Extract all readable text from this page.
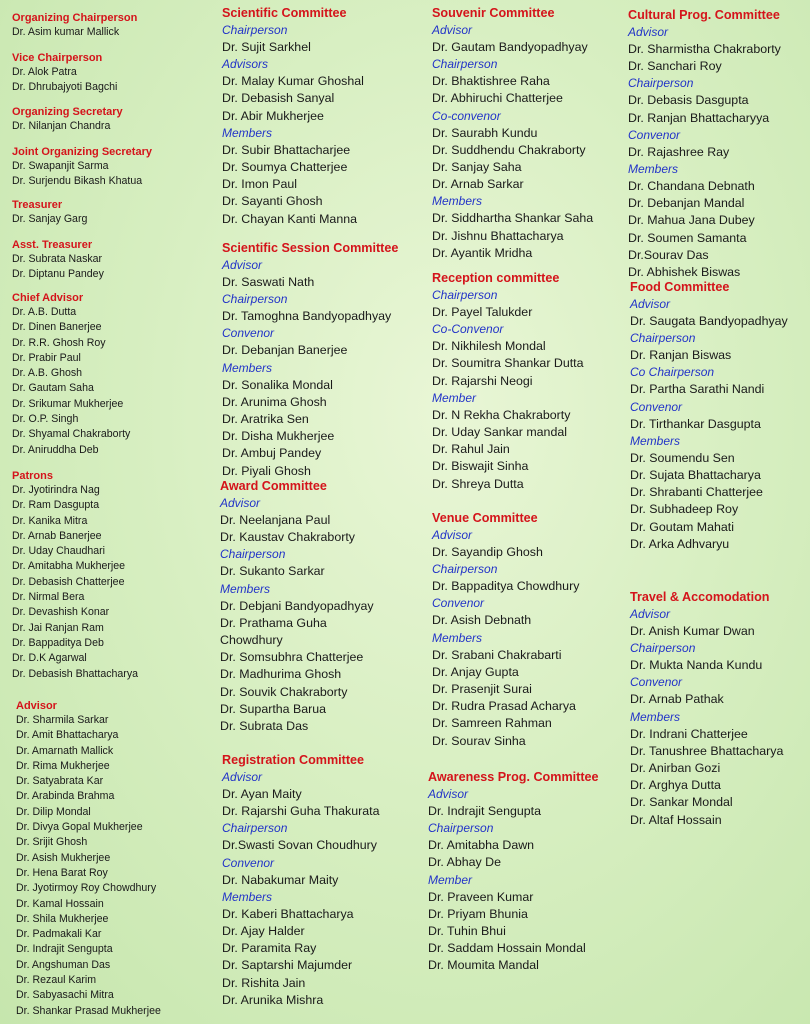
Organizing Chairperson
Dr. Asim kumar Mallick
Vice Chairperson
Dr. Alok Patra
Dr. Dhrubajyoti Bagchi
Organizing Secretary
Dr. Nilanjan Chandra
Joint Organizing Secretary
Dr. Swapanjit Sarma
Dr. Surjendu Bikash Khatua
Treasurer
Dr. Sanjay Garg
Asst. Treasurer
Dr. Subrata Naskar
Dr. Diptanu Pandey
Chief Advisor
Dr. A.B. Dutta
Dr. Dinen Banerjee
Dr. R.R. Ghosh Roy
Dr. Prabir Paul
Dr. A.B. Ghosh
Dr. Gautam Saha
Dr. Srikumar Mukherjee
Dr. O.P. Singh
Dr. Shyamal Chakraborty
Dr. Aniruddha Deb
Patrons
Dr. Jyotirindra Nag
Dr. Ram Dasgupta
Dr. Kanika Mitra
Dr. Arnab Banerjee
Dr. Uday Chaudhari
Dr. Amitabha Mukherjee
Dr. Debasish Chatterjee
Dr. Nirmal Bera
Dr. Devashish Konar
Dr. Jai Ranjan Ram
Dr. Bappaditya Deb
Dr. D.K Agarwal
Dr. Debasish Bhattacharya
Advisor
Dr. Sharmila Sarkar
Dr. Amit Bhattacharya
Dr. Amarnath Mallick
Dr. Rima Mukherjee
Dr. Satyabrata Kar
Dr. Arabinda Brahma
Dr. Dilip Mondal
Dr. Divya Gopal Mukherjee
Dr. Srijit Ghosh
Dr. Asish Mukherjee
Dr. Hena Barat Roy
Dr. Jyotirmoy Roy Chowdhury
Dr. Kamal Hossain
Dr. Shila Mukherjee
Dr. Padmakali Kar
Dr. Indrajit Sengupta
Dr. Angshuman Das
Dr. Rezaul Karim
Dr. Sabyasachi Mitra
Dr. Shankar Prasad Mukherjee
Scientific Committee
Chairperson
Dr. Sujit Sarkhel
Advisors
Dr. Malay Kumar Ghoshal
Dr. Debasish Sanyal
Dr. Abir Mukherjee
Members
Dr. Subir Bhattacharjee
Dr. Soumya Chatterjee
Dr. Imon Paul
Dr. Sayanti Ghosh
Dr. Chayan Kanti Manna
Scientific Session Committee
Advisor
Dr. Saswati Nath
Chairperson
Dr. Tamoghna Bandyopadhyay
Convenor
Dr. Debanjan Banerjee
Members
Dr. Sonalika Mondal
Dr. Arunima Ghosh
Dr. Aratrika Sen
Dr. Disha Mukherjee
Dr. Ambuj Pandey
Dr. Piyali Ghosh
Award Committee
Advisor
Dr. Neelanjana Paul
Dr. Kaustav Chakraborty
Chairperson
Dr. Sukanto Sarkar
Members
Dr. Debjani Bandyopadhyay
Dr. Prathama Guha
Chowdhury
Dr. Somsubhra Chatterjee
Dr. Madhurima Ghosh
Dr. Souvik Chakraborty
Dr. Supartha Barua
Dr. Subrata Das
Registration Committee
Advisor
Dr. Ayan Maity
Dr. Rajarshi Guha Thakurata
Chairperson
Dr.Swasti Sovan Choudhury
Convenor
Dr. Nabakumar Maity
Members
Dr. Kaberi Bhattacharya
Dr. Ajay Halder
Dr. Paramita Ray
Dr. Saptarshi Majumder
Dr. Rishita Jain
Dr. Arunika Mishra
Souvenir Committee
Advisor
Dr. Gautam Bandyopadhyay
Chairperson
Dr. Bhaktishree Raha
Dr. Abhiruchi Chatterjee
Co-convenor
Dr. Saurabh Kundu
Dr. Suddhendu Chakraborty
Dr. Sanjay Saha
Dr. Arnab Sarkar
Members
Dr. Siddhartha Shankar Saha
Dr. Jishnu Bhattacharya
Dr. Ayantik Mridha
Reception committee
Chairperson
Dr. Payel Talukder
Co-Convenor
Dr. Nikhilesh Mondal
Dr. Soumitra Shankar Dutta
Dr. Rajarshi Neogi
Member
Dr. N Rekha Chakraborty
Dr. Uday Sankar mandal
Dr. Rahul Jain
Dr. Biswajit Sinha
Dr. Shreya Dutta
Venue Committee
Advisor
Dr. Sayandip Ghosh
Chairperson
Dr. Bappaditya Chowdhury
Convenor
Dr. Asish Debnath
Members
Dr. Srabani Chakrabarti
Dr. Anjay Gupta
Dr. Prasenjit Surai
Dr. Rudra Prasad Acharya
Dr. Samreen Rahman
Dr. Sourav Sinha
Awareness Prog. Committee
Advisor
Dr. Indrajit Sengupta
Chairperson
Dr. Amitabha Dawn
Dr. Abhay De
Member
Dr. Praveen Kumar
Dr. Priyam Bhunia
Dr. Tuhin Bhui
Dr. Saddam Hossain Mondal
Dr. Moumita Mandal
Cultural Prog. Committee
Advisor
Dr. Sharmistha Chakraborty
Dr. Sanchari Roy
Chairperson
Dr. Debasis Dasgupta
Dr. Ranjan Bhattacharyya
Convenor
Dr. Rajashree Ray
Members
Dr. Chandana Debnath
Dr. Debanjan Mandal
Dr. Mahua Jana Dubey
Dr. Soumen Samanta
Dr.Sourav Das
Dr. Abhishek Biswas
Food Committee
Advisor
Dr. Saugata Bandyopadhyay
Chairperson
Dr. Ranjan Biswas
Co Chairperson
Dr. Partha Sarathi Nandi
Convenor
Dr. Tirthankar Dasgupta
Members
Dr. Soumendu Sen
Dr. Sujata Bhattacharya
Dr. Shrabanti Chatterjee
Dr. Subhadeep Roy
Dr. Goutam Mahati
Dr. Arka Adhvaryu
Travel & Accomodation
Advisor
Dr. Anish Kumar Dwan
Chairperson
Dr. Mukta Nanda Kundu
Convenor
Dr. Arnab Pathak
Members
Dr. Indrani Chatterjee
Dr. Tanushree Bhattacharya
Dr. Anirban Gozi
Dr. Arghya Dutta
Dr. Sankar Mondal
Dr. Altaf Hossain
